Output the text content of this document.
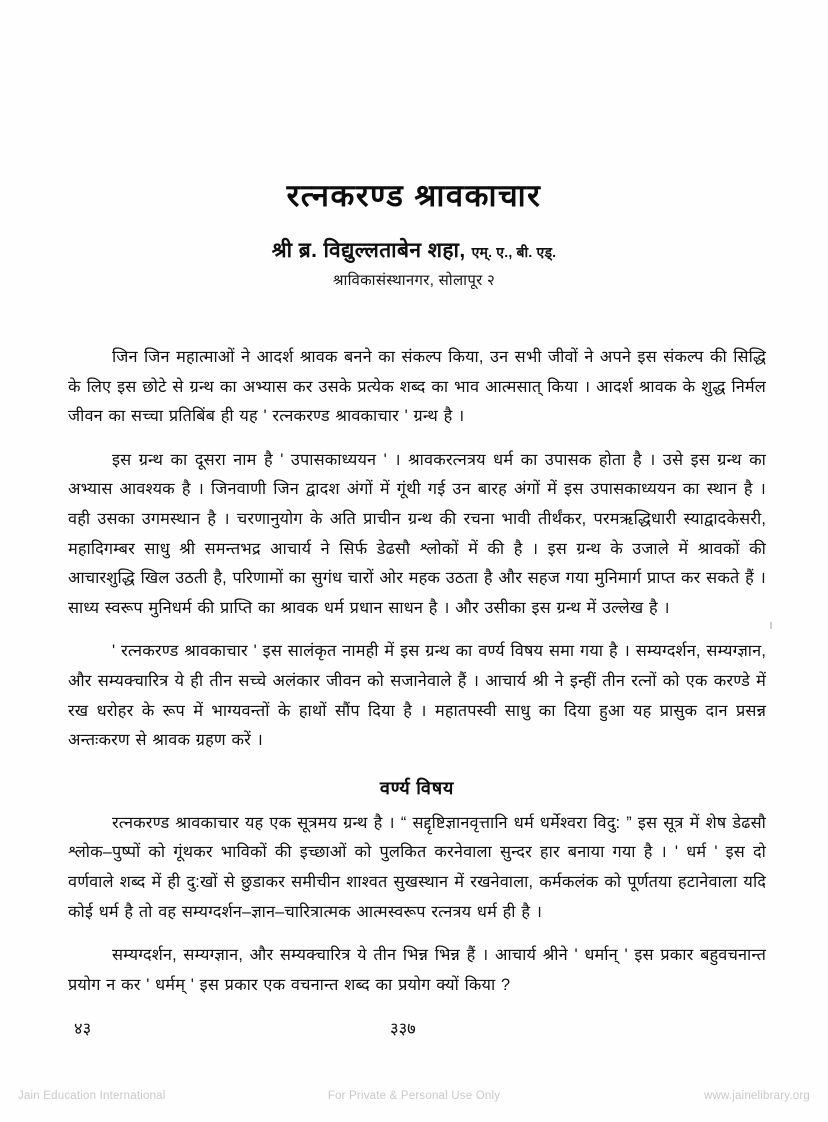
रत्नकरण्ड श्रावकाचार
श्री ब्र. विद्युल्लताबेन शहा, एम्. ए., बी. एड्.
श्राविकासंस्थानगर, सोलापूर २

जिन जिन महात्माओं ने आदर्श श्रावक बनने का संकल्प किया, उन सभी जीवों ने अपने इस संकल्प की सिद्धि के लिए इस छोटे से ग्रन्थ का अभ्यास कर उसके प्रत्येक शब्द का भाव आत्मसात् किया । आदर्श श्रावक के शुद्ध निर्मल जीवन का सच्चा प्रतिबिंब ही यह ' रत्नकरण्ड श्रावकाचार ' ग्रन्थ है ।

इस ग्रन्थ का दूसरा नाम है ' उपासकाध्ययन ' । श्रावकरत्नत्रय धर्म का उपासक होता है । उसे इस ग्रन्थ का अभ्यास आवश्यक है । जिनवाणी जिन द्वादश अंगों में गूंथी गई उन बारह अंगों में इस उपासकाध्ययन का स्थान है । वही उसका उगमस्थान है । चरणानुयोग के अति प्राचीन ग्रन्थ की रचना भावी तीर्थंकर, परमऋद्धिधारी स्याद्वादकेसरी, महादिगम्बर साधु श्री समन्तभद्र आचार्य ने सिर्फ डेढसौ श्लोकों में की है । इस ग्रन्थ के उजाले में श्रावकों की आचारशुद्धि खिल उठती है, परिणामों का सुगंध चारों ओर महक उठता है और सहज गया मुनिमार्ग प्राप्त कर सकते हैं । साध्य स्वरूप मुनिधर्म की प्राप्ति का श्रावक धर्म प्रधान साधन है । और उसीका इस ग्रन्थ में उल्लेख है ।

' रत्नकरण्ड श्रावकाचार ' इस सालंकृत नामही में इस ग्रन्थ का वर्ण्य विषय समा गया है । सम्यग्दर्शन, सम्यग्ज्ञान, और सम्यक्चारित्र ये ही तीन सच्चे अलंकार जीवन को सजानेवाले हैं । आचार्य श्री ने इन्हीं तीन रत्नों को एक करण्डे में रख धरोहर के रूप में भाग्यवन्तों के हाथों सौंप दिया है । महातपस्वी साधु का दिया हुआ यह प्रासुक दान प्रसन्न अन्तःकरण से श्रावक ग्रहण करें ।

वर्ण्य विषय

रत्नकरण्ड श्रावकाचार यह एक सूत्रमय ग्रन्थ है । “ सद्दृष्टिज्ञानवृत्तानि धर्म धर्मेश्वरा विदु: ” इस सूत्र में शेष डेढसौ श्लोक–पुष्पों को गूंथकर भाविकों की इच्छाओं को पुलकित करनेवाला सुन्दर हार बनाया गया है । ' धर्म ' इस दो वर्णवाले शब्द में ही दु:खों से छुडाकर समीचीन शाश्वत सुखस्थान में रखनेवाला, कर्मकलंक को पूर्णतया हटानेवाला यदि कोई धर्म है तो वह सम्यग्दर्शन–ज्ञान–चारित्रात्मक आत्मस्वरूप रत्नत्रय धर्म ही है ।

सम्यग्दर्शन, सम्यग्ज्ञान, और सम्यक्चारित्र ये तीन भिन्न भिन्न हैं । आचार्य श्रीने ' धर्मान् ' इस प्रकार बहुवचनान्त प्रयोग न कर ' धर्मम् ' इस प्रकार एक वचनान्त शब्द का प्रयोग क्यों किया ?

४३	३३७
Jain Education International	For Private & Personal Use Only	www.jainelibrary.org
